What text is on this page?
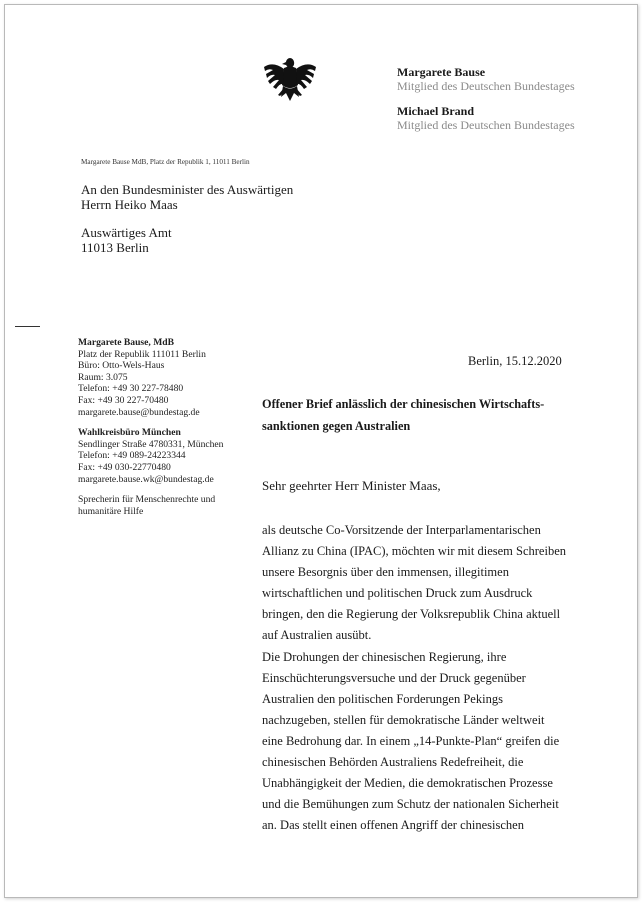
Margarete Bause
Mitglied des Deutschen Bundestages
Michael Brand
Mitglied des Deutschen Bundestages
Margarete Bause MdB, Platz der Republik 1, 11011 Berlin
An den Bundesminister des Auswärtigen
Herrn Heiko Maas
Auswärtiges Amt
11013 Berlin
Margarete Bause, MdB
Platz der Republik 111011 Berlin
Büro: Otto-Wels-Haus
Raum: 3.075
Telefon: +49 30 227-78480
Fax: +49 30 227-70480
margarete.bause@bundestag.de
Wahlkreisbüro München
Sendlinger Straße 4780331, München
Telefon: +49 089-24223344
Fax: +49 030-22770480
margarete.bause.wk@bundestag.de
Sprecherin für Menschenrechte und
humanitäre Hilfe
Berlin, 15.12.2020
Offener Brief anlässlich der chinesischen Wirtschafts-
sanktionen gegen Australien
Sehr geehrter Herr Minister Maas,
als deutsche Co-Vorsitzende der Interparlamentarischen
Allianz zu China (IPAC), möchten wir mit diesem Schreiben
unsere Besorgnis über den immensen, illegitimen
wirtschaftlichen und politischen Druck zum Ausdruck
bringen, den die Regierung der Volksrepublik China aktuell
auf Australien ausübt.
Die Drohungen der chinesischen Regierung, ihre
Einschüchterungsversuche und der Druck gegenüber
Australien den politischen Forderungen Pekings
nachzugeben, stellen für demokratische Länder weltweit
eine Bedrohung dar. In einem „14-Punkte-Plan“ greifen die
chinesischen Behörden Australiens Redefreiheit, die
Unabhängigkeit der Medien, die demokratischen Prozesse
und die Bemühungen zum Schutz der nationalen Sicherheit
an. Das stellt einen offenen Angriff der chinesischen
